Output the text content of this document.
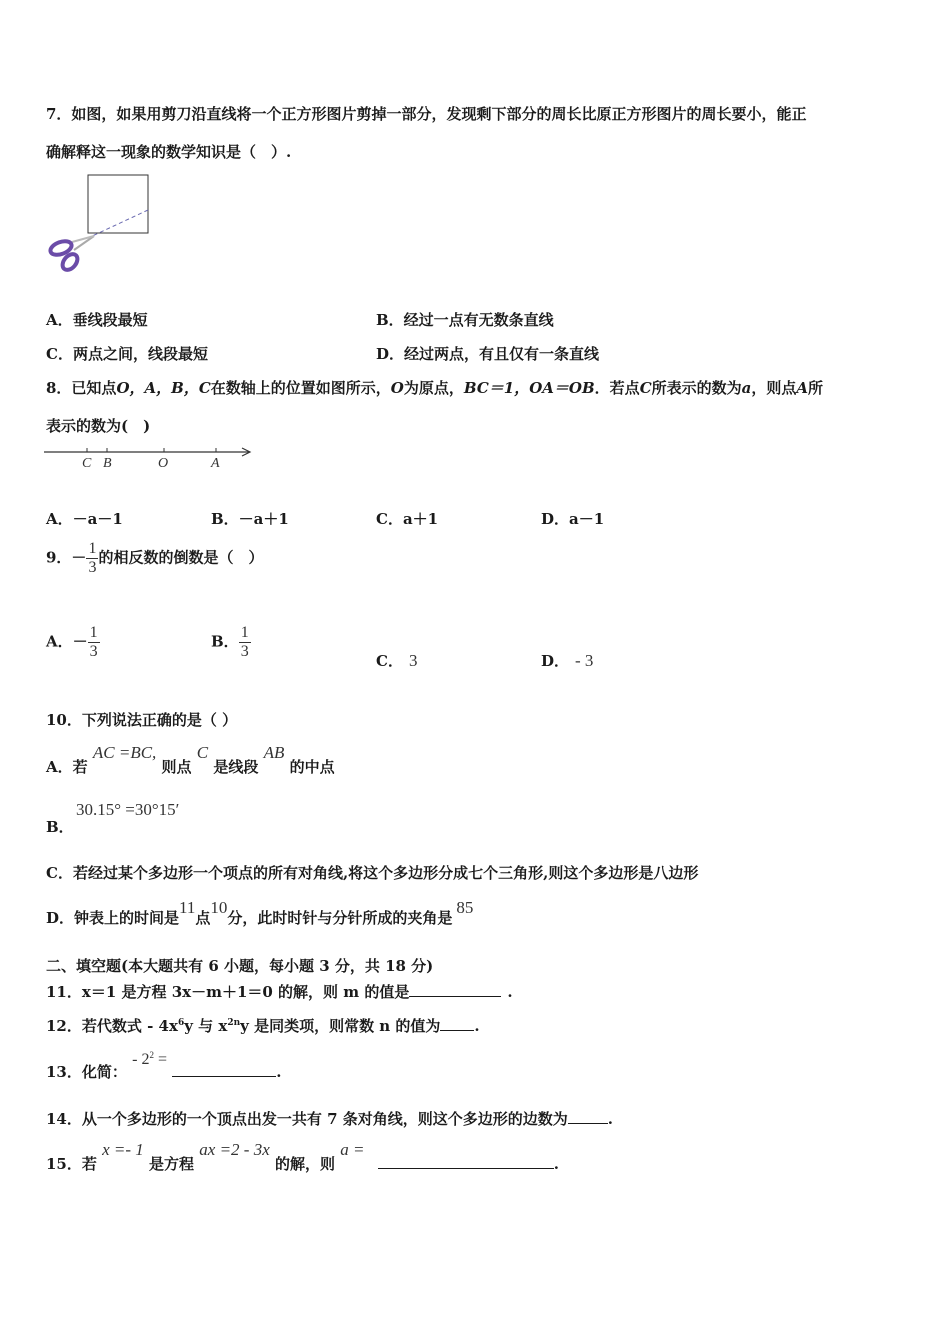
7．如图，如果用剪刀沿直线将一个正方形图片剪掉一部分，发现剩下部分的周长比原正方形图片的周长要小，能正
确解释这一现象的数学知识是（　）.
A．垂线段最短	B．经过一点有无数条直线
C．两点之间，线段最短	D．经过两点，有且仅有一条直线
8．已知点O，A，B，C在数轴上的位置如图所示，O为原点，BC＝1，OA＝OB．若点C所表示的数为a，则点A所
表示的数为(　)
C B	O	A
A．－a－1	B．－a＋1	C．a＋1	D．a－1
9．－ $\frac{1}{3}$ 的相反数的倒数是（　）
A．－ $\frac{1}{3}$	B． $\frac{1}{3}$	C． 3	D． - 3
10．下列说法正确的是（ ）
A．若 AC =BC, 则点 C 是线段 AB 的中点
30.15° =30°15′
B．
C．若经过某个多边形一个项点的所有对角线,将这个多边形分成七个三角形,则这个多边形是八边形
D．钟表上的时间是11点10分，此时时针与分针所成的夹角是85
二、填空题(本大题共有 6 小题，每小题 3 分，共 18 分)
11．x＝1 是方程 3x－m＋1＝0 的解，则 m 的值是	.
12．若代数式 - $4x^6y$ 与 $x^{2n}y$ 是同类项，则常数 n 的值为 .
13．化简： - $2^2$ = .
14．从一个多边形的一个顶点出发一共有 7 条对角线，则这个多边形的边数为	.
15．若 x =- 1 是方程 ax =2 - 3x 的解，则 a = .
